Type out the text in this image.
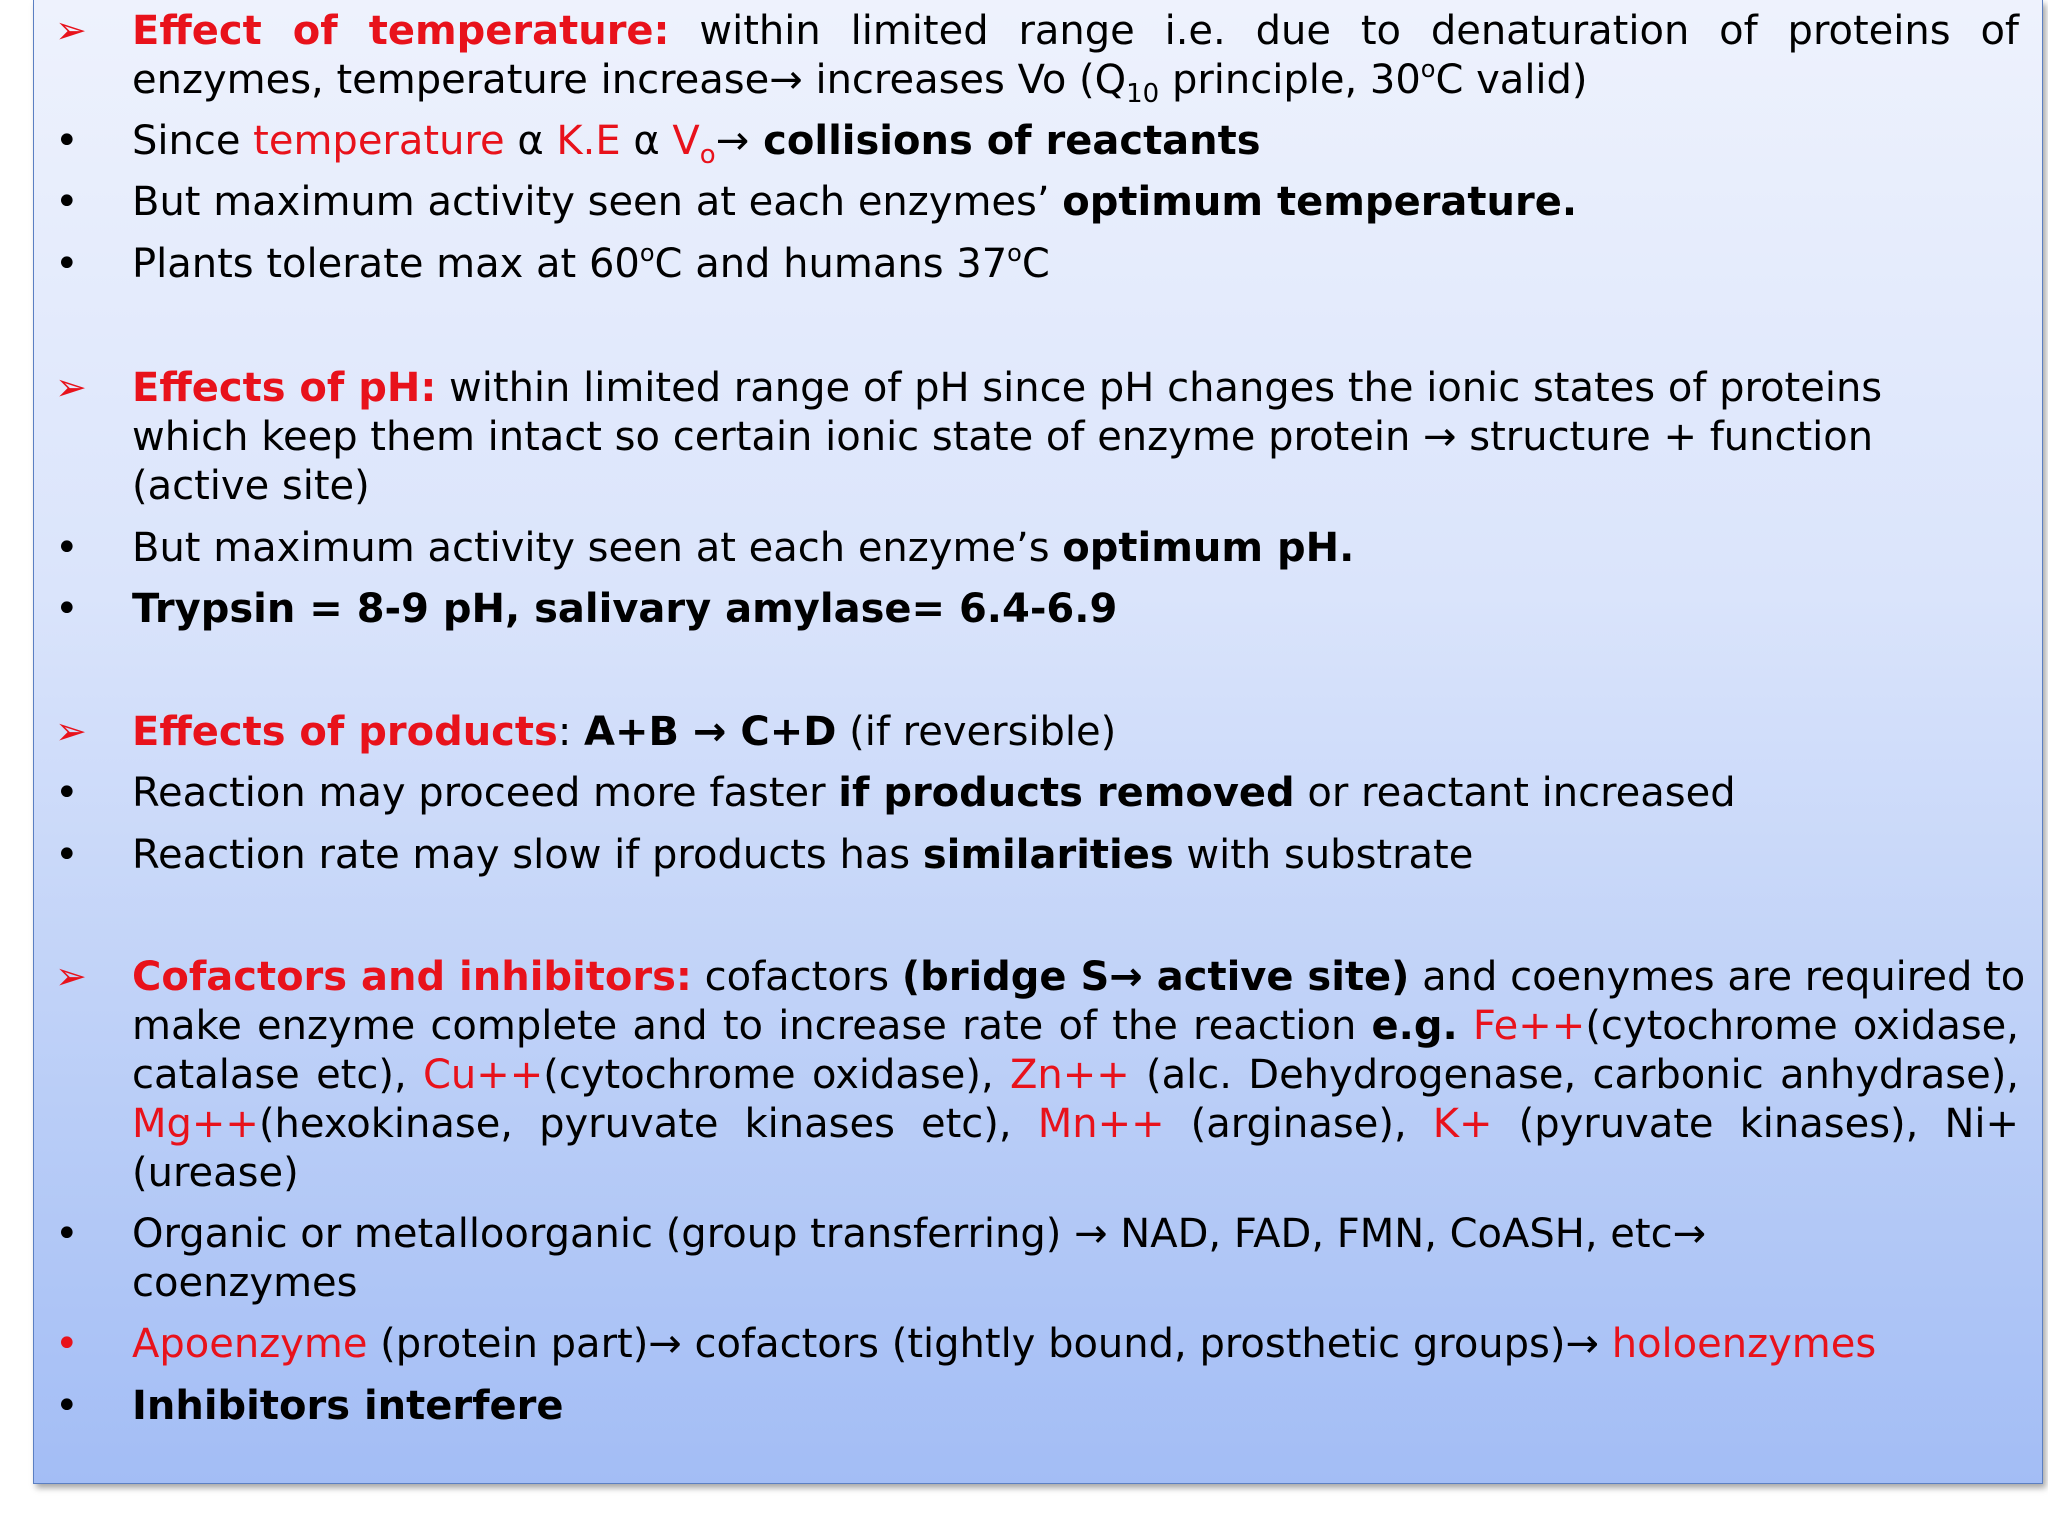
➢ Effect of temperature: within limited range i.e. due to denaturation of proteins of
enzymes, temperature increase→ increases Vo ($Q_{10}$ principle, 30$^o$C valid)
• Since temperature α K.E α $V_o\to$ collisions of reactants
• But maximum activity seen at each enzymes’ optimum temperature.
• Plants tolerate max at 60$^o$C and humans 37$^o$C
➢ Effects of pH: within limited range of pH since pH changes the ionic states of proteins
which keep them intact so certain ionic state of enzyme protein → structure + function
(active site)
• But maximum activity seen at each enzyme’s optimum pH.
• Trypsin = 8-9 pH, salivary amylase= 6.4-6.9
➢ Effects of products: A+B → C+D (if reversible)
• Reaction may proceed more faster if products removed or reactant increased
• Reaction rate may slow if products has similarities with substrate
➢ Cofactors and inhibitors: cofactors (bridge S→ active site) and coenymes are required to
make enzyme complete and to increase rate of the reaction e.g. Fe++(cytochrome oxidase,
catalase etc), Cu++(cytochrome oxidase), Zn++ (alc. Dehydrogenase, carbonic anhydrase),
Mg++(hexokinase, pyruvate kinases etc), Mn++ (arginase), K+ (pyruvate kinases), Ni+
(urease)
• Organic or metalloorganic (group transferring) → NAD, FAD, FMN, CoASH, etc→
coenzymes
• Apoenzyme (protein part)→ cofactors (tightly bound, prosthetic groups)→ holoenzymes
• Inhibitors interfere
